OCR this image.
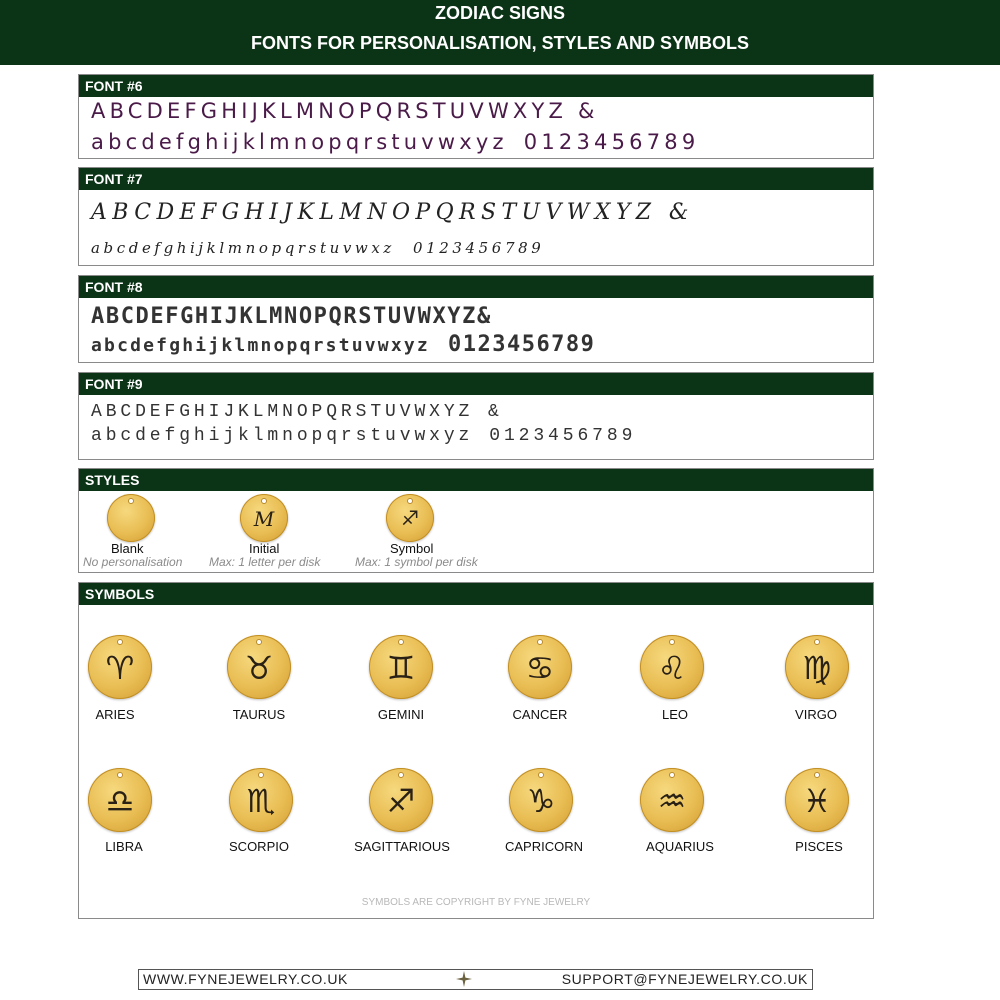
ZODIAC SIGNS
FONTS FOR PERSONALISATION, STYLES AND SYMBOLS
FONT #6
ABCDEFGHIJKLMNOPQRSTUVWXYZ &
abcdefghijklmnopqrstuvwxyz 0123456789
FONT #7
ABCDEFGHIJKLMNOPQRSTUVWXYZ &
abcdefghijklmnopqrstuvwxz 0123456789
FONT #8
ABCDEFGHIJKLMNOPQRSTUVWXYZ&
abcdefghijklmnopqrstuvwxyz 0123456789
FONT #9
ABCDEFGHIJKLMNOPQRSTUVWXYZ &
abcdefghijklmnopqrstuvwxyz 0123456789
STYLES
Blank
No personalisation
M
Initial
Max: 1 letter per disk
♐
Symbol
Max: 1 symbol per disk
SYMBOLS
♈
ARIES
♉
TAURUS
♊
GEMINI
♋
CANCER
♌
LEO
♍
VIRGO
♎
LIBRA
♏
SCORPIO
♐
SAGITTARIOUS
♑
CAPRICORN
♒
AQUARIUS
♓
PISCES
SYMBOLS ARE COPYRIGHT BY FYNE JEWELRY
WWW.FYNEJEWELRY.CO.UK	SUPPORT@FYNEJEWELRY.CO.UK
